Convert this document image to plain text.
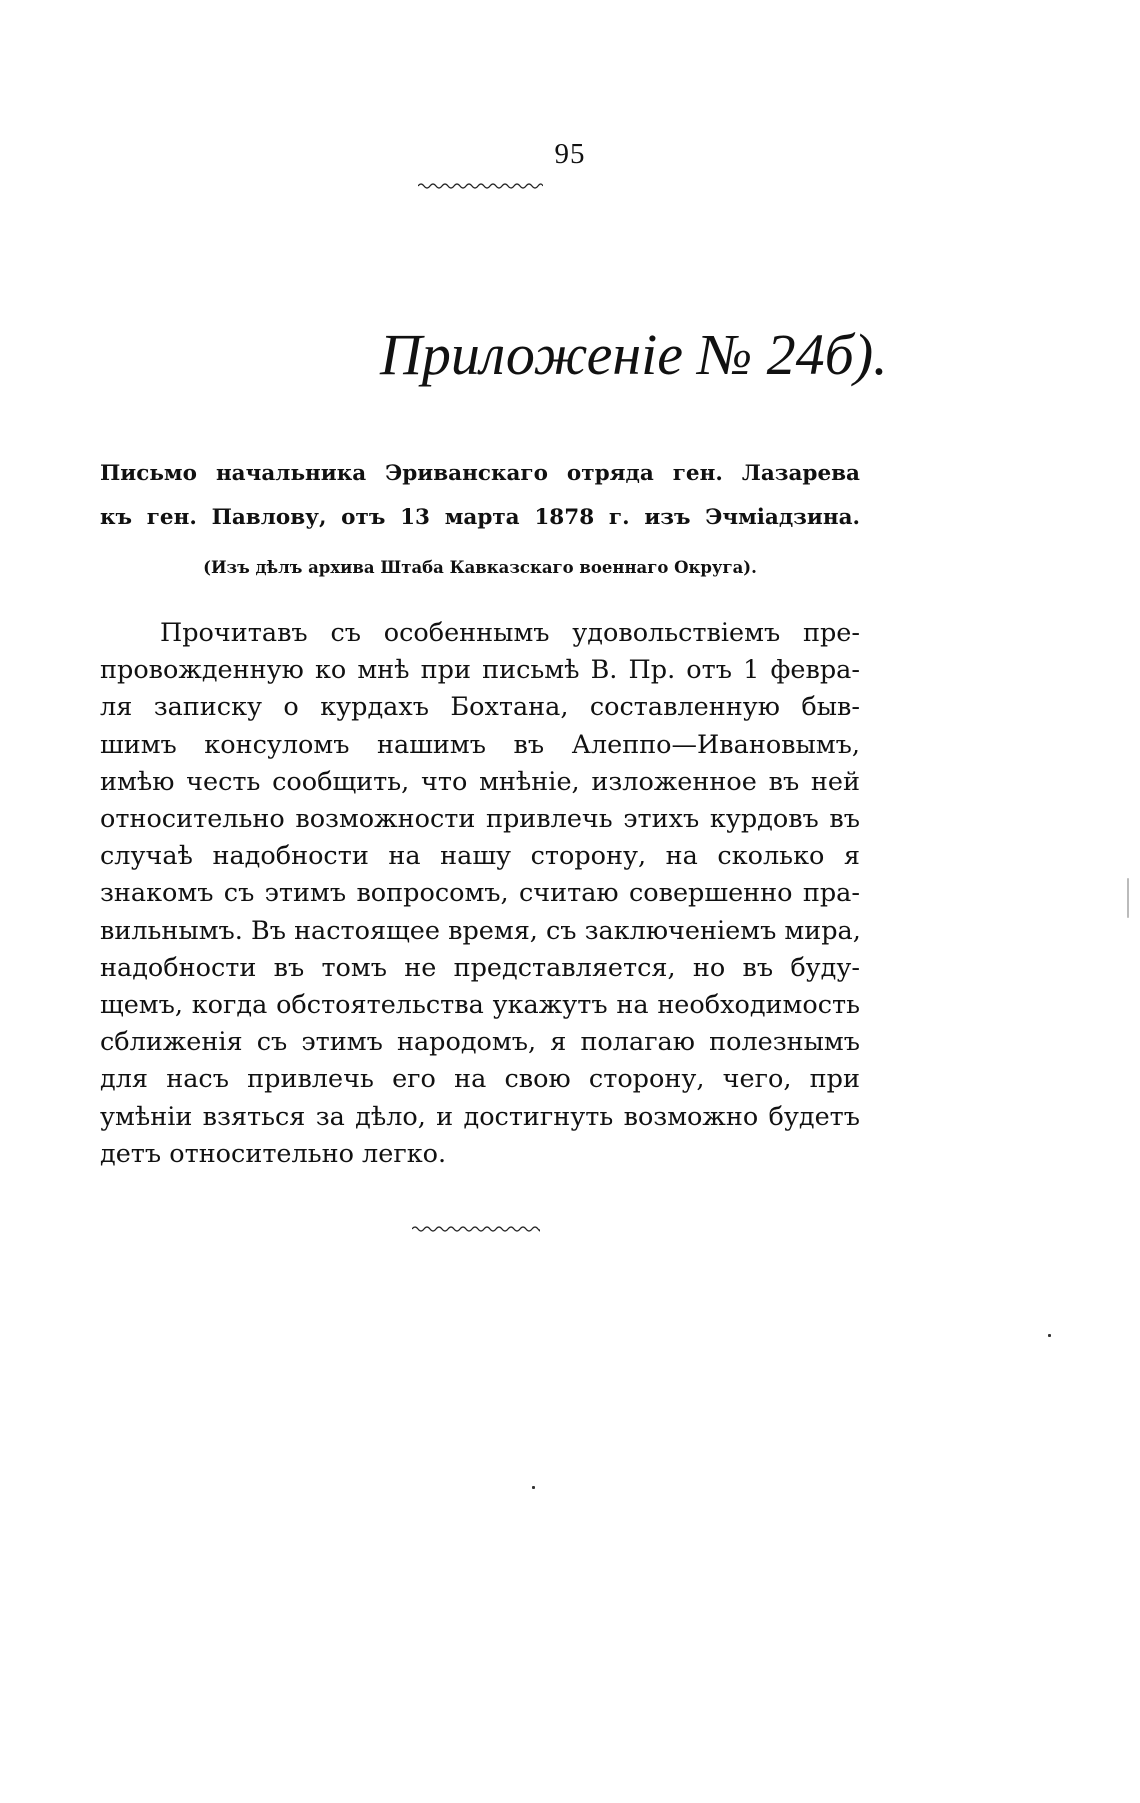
95
Приложенiе № 24б).
Письмо начальника Эриванскаго отряда ген. Лазарева
къ ген. Павлову, отъ 13 марта 1878 г. изъ Эчміадзина.
(Изъ дѣлъ архива Штаба Кавказскаго военнаго Округа).
Прочитавъ съ особеннымъ удовольствіемъ пре-
провожденную ко мнѣ при письмѣ В. Пр. отъ 1 февра-
ля записку о курдахъ Бохтана, составленную быв-
шимъ консуломъ нашимъ въ Алеппо—Ивановымъ,
имѣю честь сообщить, что мнѣніе, изложенное въ ней
относительно возможности привлечь этихъ курдовъ въ
случаѣ надобности на нашу сторону, на сколько я
знакомъ съ этимъ вопросомъ, считаю совершенно пра-
вильнымъ. Въ настоящее время, съ заключеніемъ мира,
надобности въ томъ не представляется, но въ буду-
щемъ, когда обстоятельства укажутъ на необходимость
сближенія съ этимъ народомъ, я полагаю полезнымъ
для насъ привлечь его на свою сторону, чего, при
умѣніи взяться за дѣло, и достигнуть возможно будетъ
детъ относительно легко.
